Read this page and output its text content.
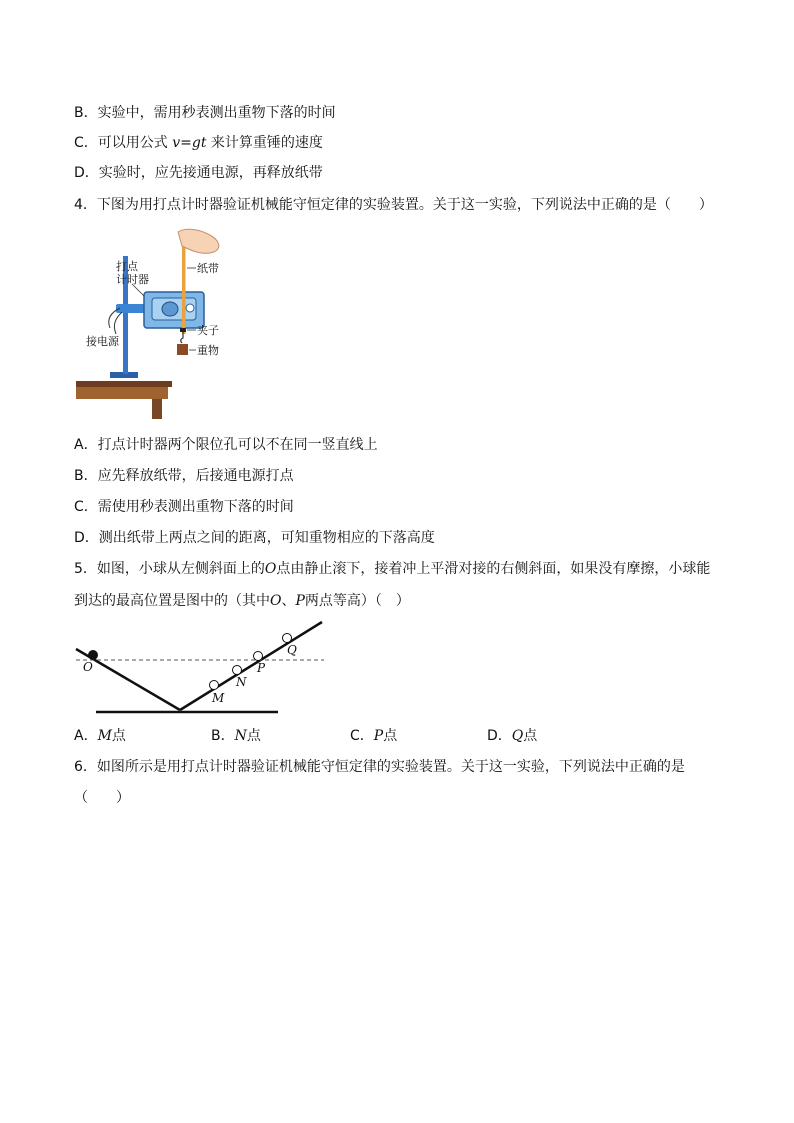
B．实验中，需用秒表测出重物下落的时间
C．可以用公式 v=gt 来计算重锤的速度
D．实验时，应先接通电源，再释放纸带
4．下图为用打点计时器验证机械能守恒定律的实验装置。关于这一实验，下列说法中正确的是（　　）
打点
计时器
纸带
夹子
接电源
重物
A．打点计时器两个限位孔可以不在同一竖直线上
B．应先释放纸带，后接通电源打点
C．需使用秒表测出重物下落的时间
D．测出纸带上两点之间的距离，可知重物相应的下落高度
5．如图，小球从左侧斜面上的O点由静止滚下，接着冲上平滑对接的右侧斜面，如果没有摩擦，小球能
到达的最高位置是图中的（其中O、P两点等高）（　）
O
M
N
P
Q
A．M点	B．N点	C．P点	D．Q点
6．如图所示是用打点计时器验证机械能守恒定律的实验装置。关于这一实验，下列说法中正确的是
（　　）
